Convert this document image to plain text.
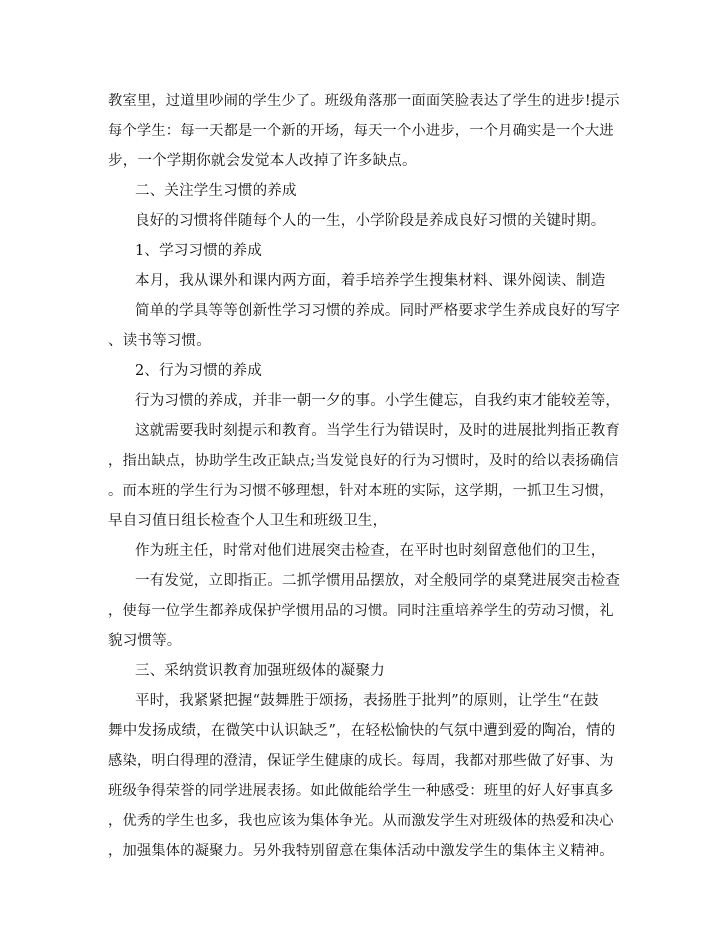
教室里，过道里吵闹的学生少了。班级角落那一面面笑脸表达了学生的进步!提示
每个学生：每一天都是一个新的开场，每天一个小进步，一个月确实是一个大进
步，一个学期你就会发觉本人改掉了许多缺点。
二、关注学生习惯的养成
良好的习惯将伴随每个人的一生，小学阶段是养成良好习惯的关键时期。
1、学习习惯的养成
本月，我从课外和课内两方面，着手培养学生搜集材料、课外阅读、制造
简单的学具等等创新性学习习惯的养成。同时严格要求学生养成良好的写字
、读书等习惯。
2、行为习惯的养成
行为习惯的养成，并非一朝一夕的事。小学生健忘，自我约束才能较差等，
这就需要我时刻提示和教育。当学生行为错误时，及时的进展批判指正教育
，指出缺点，协助学生改正缺点;当发觉良好的行为习惯时，及时的给以表扬确信
。而本班的学生行为习惯不够理想，针对本班的实际，这学期，一抓卫生习惯，
早自习值日组长检查个人卫生和班级卫生，
作为班主任，时常对他们进展突击检查，在平时也时刻留意他们的卫生，
一有发觉，立即指正。二抓学惯用品摆放，对全般同学的桌凳进展突击检查
，使每一位学生都养成保护学惯用品的习惯。同时注重培养学生的劳动习惯，礼
貌习惯等。
三、采纳赏识教育加强班级体的凝聚力
平时，我紧紧把握“鼓舞胜于颂扬，表扬胜于批判”的原则，让学生“在鼓
舞中发扬成绩，在微笑中认识缺乏”，在轻松愉快的气氛中遭到爱的陶冶，情的
感染，明白得理的澄清，保证学生健康的成长。每周，我都对那些做了好事、为
班级争得荣誉的同学进展表扬。如此做能给学生一种感受：班里的好人好事真多
，优秀的学生也多，我也应该为集体争光。从而激发学生对班级体的热爱和决心
，加强集体的凝聚力。另外我特别留意在集体活动中激发学生的集体主义精神。
